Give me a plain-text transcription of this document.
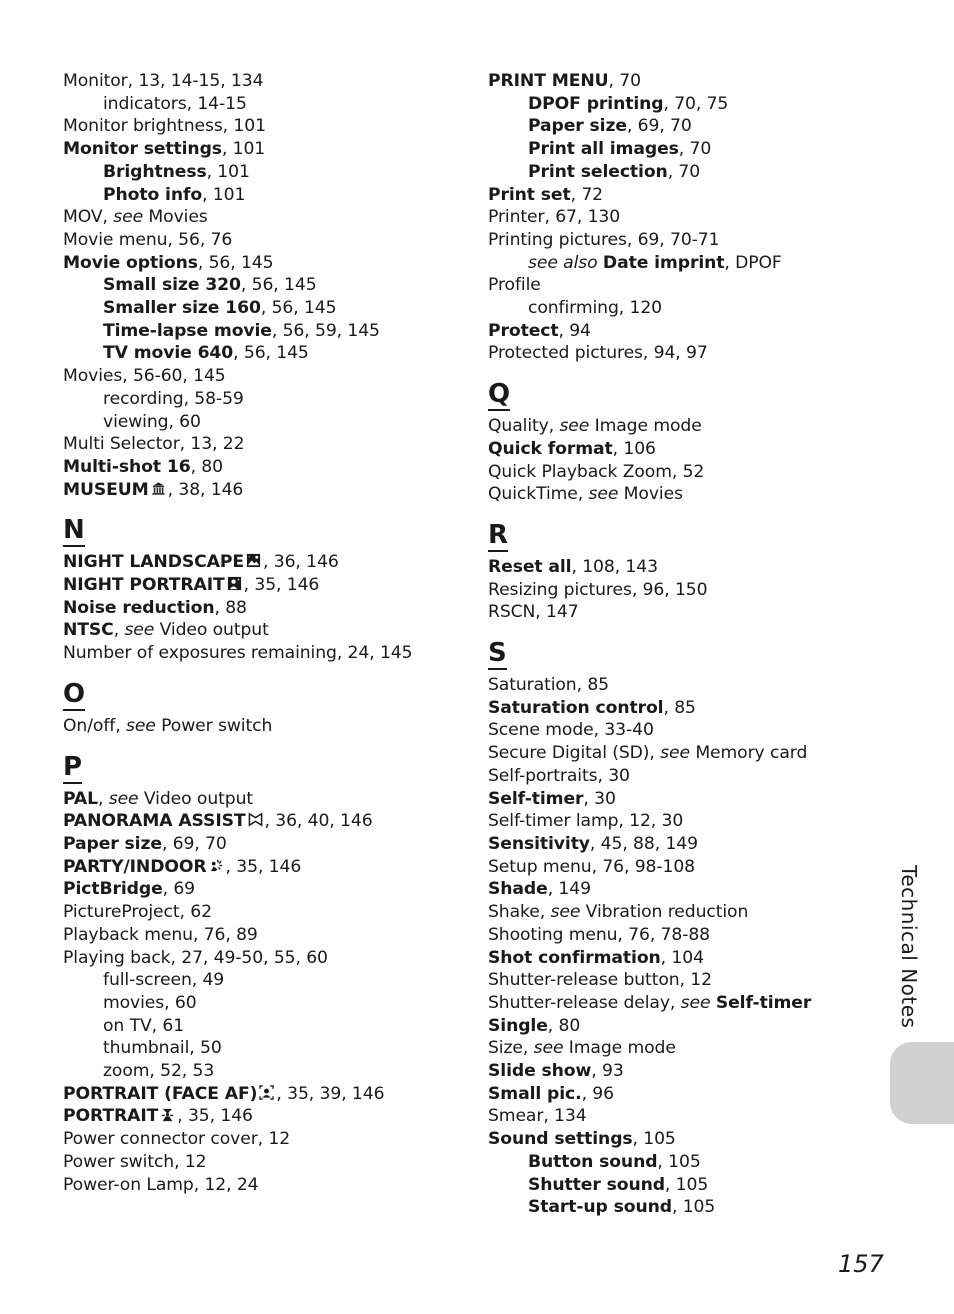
Monitor, 13, 14-15, 134
indicators, 14-15
Monitor brightness, 101
Monitor settings, 101
Brightness, 101
Photo info, 101
MOV, see Movies
Movie menu, 56, 76
Movie options, 56, 145
Small size 320, 56, 145
Smaller size 160, 56, 145
Time-lapse movie, 56, 59, 145
TV movie 640, 56, 145
Movies, 56-60, 145
recording, 58-59
viewing, 60
Multi Selector, 13, 22
Multi-shot 16, 80
MUSEUM , 38, 146
N
NIGHT LANDSCAPE , 36, 146
NIGHT PORTRAIT , 35, 146
Noise reduction, 88
NTSC, see Video output
Number of exposures remaining, 24, 145
O
On/off, see Power switch
P
PAL, see Video output
PANORAMA ASSIST , 36, 40, 146
Paper size, 69, 70
PARTY/INDOOR , 35, 146
PictBridge, 69
PictureProject, 62
Playback menu, 76, 89
Playing back, 27, 49-50, 55, 60
full-screen, 49
movies, 60
on TV, 61
thumbnail, 50
zoom, 52, 53
PORTRAIT (FACE AF) , 35, 39, 146
PORTRAIT , 35, 146
Power connector cover, 12
Power switch, 12
Power-on Lamp, 12, 24
PRINT MENU, 70
DPOF printing, 70, 75
Paper size, 69, 70
Print all images, 70
Print selection, 70
Print set, 72
Printer, 67, 130
Printing pictures, 69, 70-71
see also Date imprint, DPOF
Profile
confirming, 120
Protect, 94
Protected pictures, 94, 97
Q
Quality, see Image mode
Quick format, 106
Quick Playback Zoom, 52
QuickTime, see Movies
R
Reset all, 108, 143
Resizing pictures, 96, 150
RSCN, 147
S
Saturation, 85
Saturation control, 85
Scene mode, 33-40
Secure Digital (SD), see Memory card
Self-portraits, 30
Self-timer, 30
Self-timer lamp, 12, 30
Sensitivity, 45, 88, 149
Setup menu, 76, 98-108
Shade, 149
Shake, see Vibration reduction
Shooting menu, 76, 78-88
Shot confirmation, 104
Shutter-release button, 12
Shutter-release delay, see Self-timer
Single, 80
Size, see Image mode
Slide show, 93
Small pic., 96
Smear, 134
Sound settings, 105
Button sound, 105
Shutter sound, 105
Start-up sound, 105
Technical Notes
157
